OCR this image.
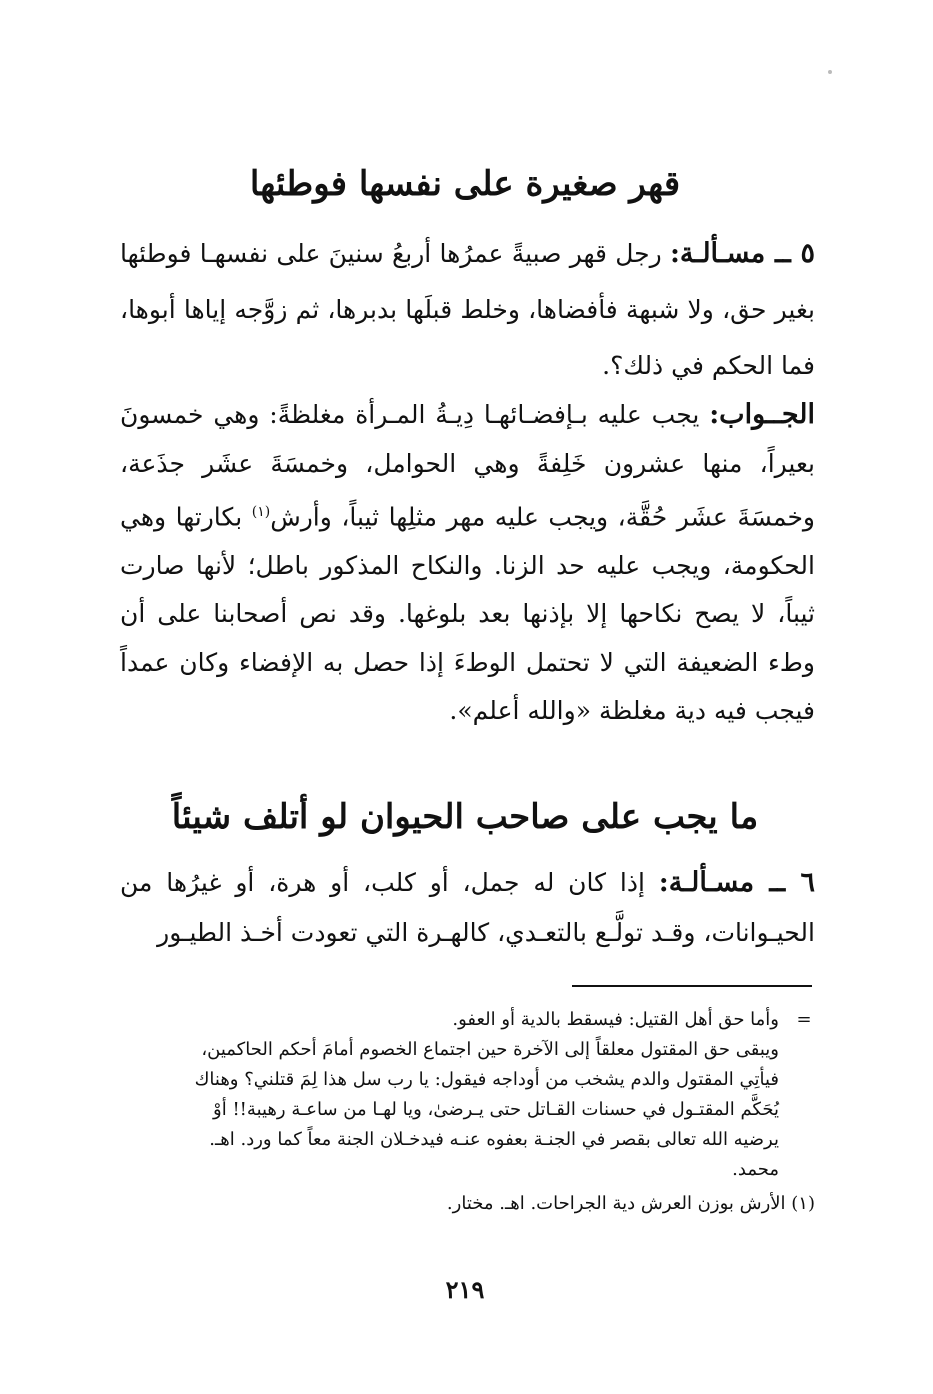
قهر صغيرة على نفسها فوطئها
٥ ــ مسـألـة: رجل قهر صبيةً عمرُها أربعُ سنينَ على نفسهـا فوطئها بغير حق، ولا شبهة فأفضاها، وخلط قبلَها بدبرها، ثم زوَّجه إياها أبوها، فما الحكم في ذلك؟.
الجــواب: يجب عليه بـإفضـائهـا دِيـةُ المـرأة مغلظةً: وهي خمسونَ بعيراً، منها عشرون خَلِفةً وهي الحوامل، وخمسَةَ عشَر جذَعة، وخمسَةَ عشَر حُقَّة، ويجب عليه مهر مثلِها ثيباً، وأرش$^{(١)}$ بكارتها وهي الحكومة، ويجب عليه حد الزنا. والنكاح المذكور باطل؛ لأنها صارت ثيباً، لا يصح نكاحها إلا بإذنها بعد بلوغها. وقد نص أصحابنا على أن وطء الضعيفة التي لا تحتمل الوطءَ إذا حصل به الإفضاء وكان عمداً فيجب فيه دية مغلظة «والله أعلم».
ما يجب على صاحب الحيوان لو أتلف شيئاً
٦ ــ مسـألـة: إذا كان له جمل، أو كلب، أو هرة، أو غيرُها من الحيـوانات، وقـد تولَّـع بالتعـدي، كالهـرة التي تعودت أخـذ الطيـور
=
وأما حق أهل القتيل: فيسقط بالدية أو العفو.
ويبقى حق المقتول معلقاً إلى الآخرة حين اجتماع الخصوم أمامَ أحكم الحاكمين،
فيأتِي المقتول والدم يشخب من أوداجه فيقول: يا رب سل هذا لِمَ قتلني؟ وهناك
يُحَكَّم المقتـول في حسنات القـاتل حتى يـرضىٰ، ويا لهـا من ساعـة رهيبة!! أوْ
يرضيه الله تعالى بقصر في الجنـة بعفوه عنـه فيدخـلان الجنة معاً كما ورد. اهـ.
محمد.
(١) الأرش بوزن العرش دية الجراحات. اهـ. مختار.
٢١٩
